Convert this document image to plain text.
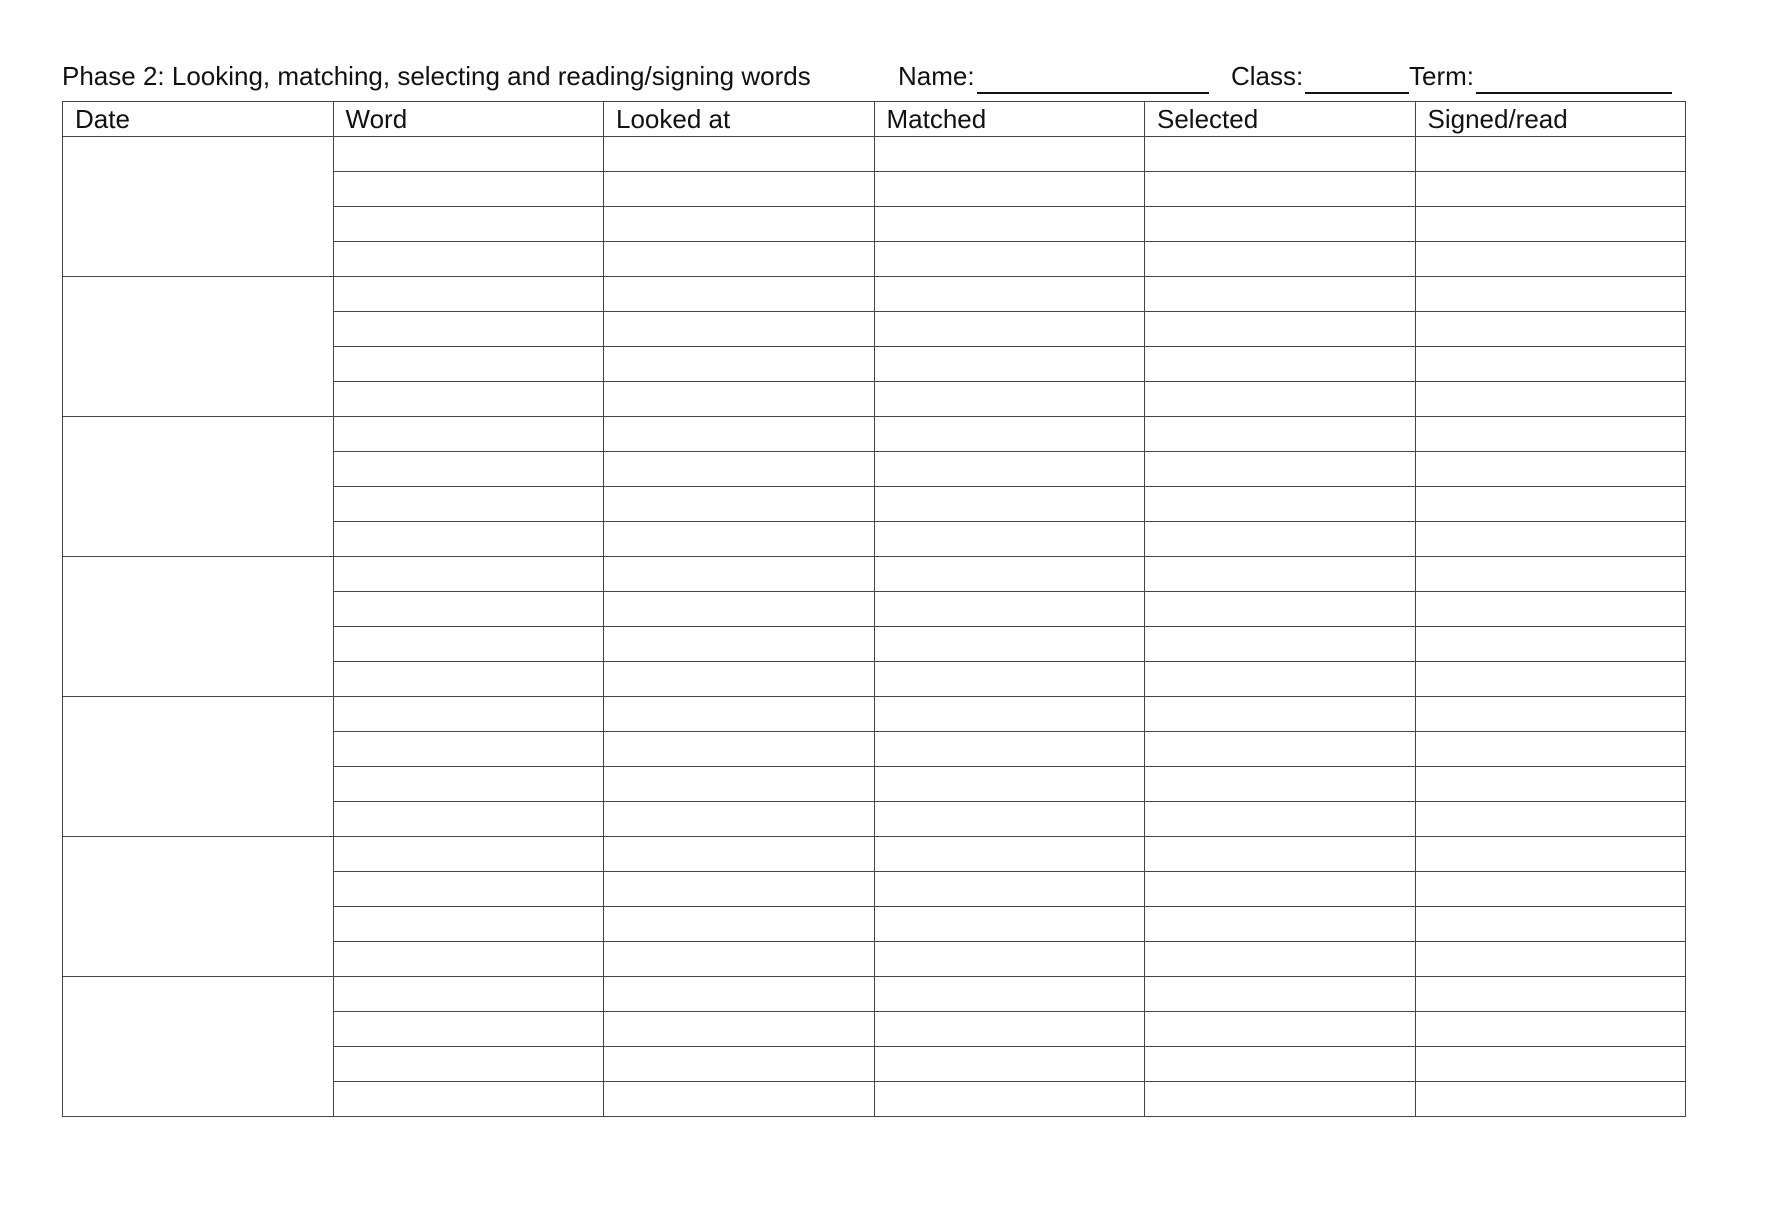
Phase 2: Looking, matching, selecting and reading/signing words	Name:	Class:	Term:
Date	Word	Looked at	Matched	Selected	Signed/read
